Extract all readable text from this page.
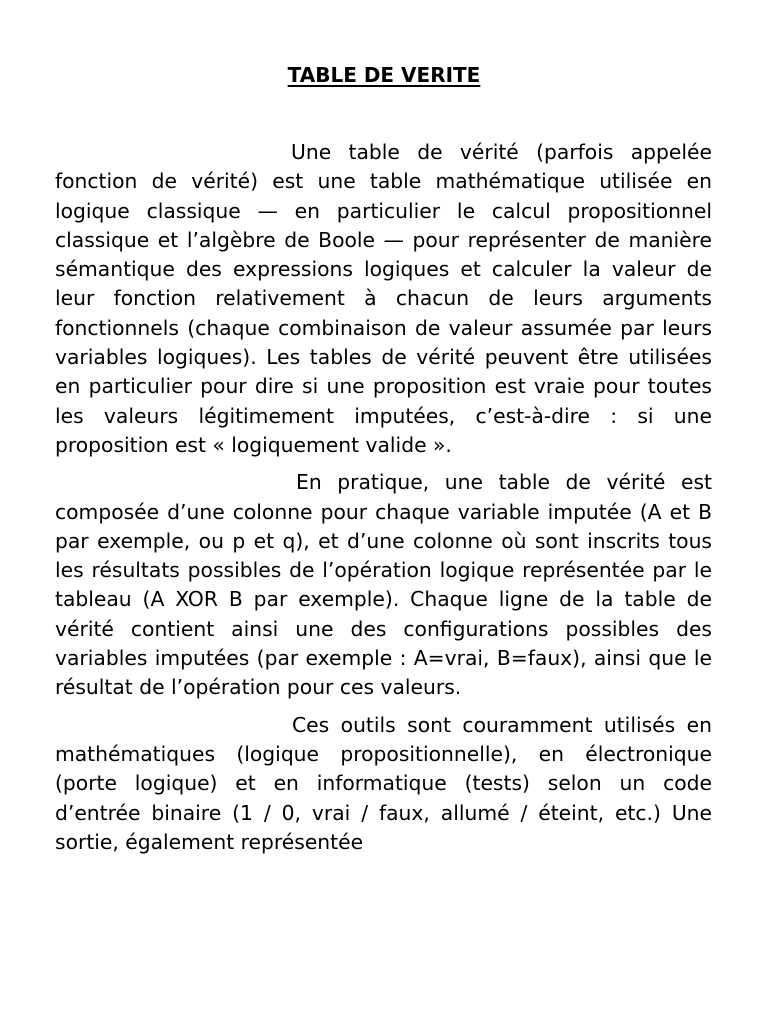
TABLE DE VERITE

Une table de vérité (parfois appelée fonction de vérité) est une table mathématique utilisée en logique classique — en particulier le calcul propositionnel classique et l’algèbre de Boole — pour représenter de manière sémantique des expressions logiques et calculer la valeur de leur fonction relativement à chacun de leurs arguments fonctionnels (chaque combinaison de valeur assumée par leurs variables logiques). Les tables de vérité peuvent être utilisées en particulier pour dire si une proposition est vraie pour toutes les valeurs légitimement imputées, c’est-à-dire : si une proposition est « logiquement valide ».

En pratique, une table de vérité est composée d’une colonne pour chaque variable imputée (A et B par exemple, ou p et q), et d’une colonne où sont inscrits tous les résultats possibles de l’opération logique représentée par le tableau (A XOR B par exemple). Chaque ligne de la table de vérité contient ainsi une des configurations possibles des variables imputées (par exemple : A=vrai, B=faux), ainsi que le résultat de l’opération pour ces valeurs.

Ces outils sont couramment utilisés en mathématiques (logique propositionnelle), en électronique (porte logique) et en informatique (tests) selon un code d’entrée binaire (1 / 0, vrai / faux, allumé / éteint, etc.) Une sortie, également représentée
